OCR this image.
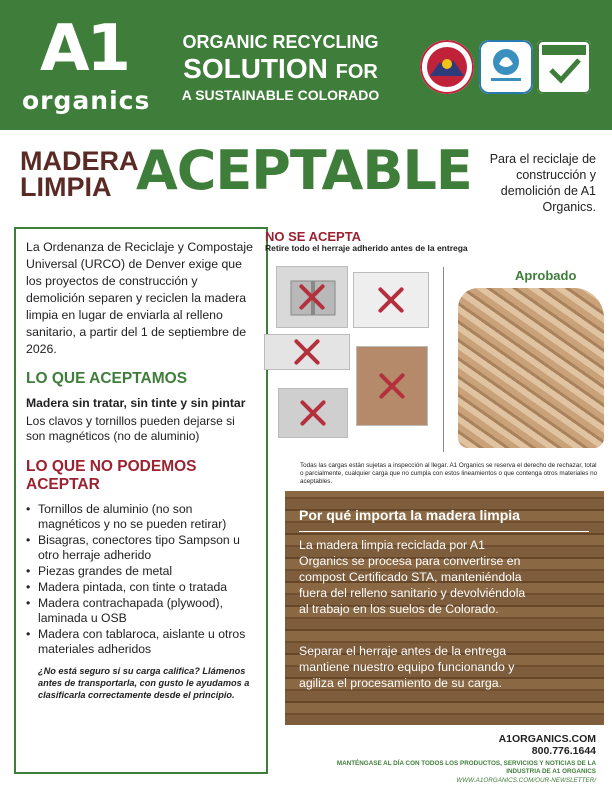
A1
organics
ORGANIC RECYCLING
SOLUTION FOR
A SUSTAINABLE COLORADO
MADERA
LIMPIA ACEPTABLE	Para el reciclaje de construcción y demolición de A1 Organics.

La Ordenanza de Reciclaje y Compostaje Universal (URCO) de Denver exige que los proyectos de construcción y demolición separen y reciclen la madera limpia en lugar de enviarla al relleno sanitario, a partir del 1 de septiembre de 2026.

LO QUE ACEPTAMOS
Madera sin tratar, sin tinte y sin pintar
Los clavos y tornillos pueden dejarse si son magnéticos (no de aluminio)
LO QUE NO PODEMOS ACEPTAR
• Tornillos de aluminio (no son magnéticos y no se pueden retirar)
• Bisagras, conectores tipo Sampson u otro herraje adherido
• Piezas grandes de metal
• Madera pintada, con tinte o tratada
• Madera contrachapada (plywood), laminada u OSB
• Madera con tablaroca, aislante u otros materiales adheridos

¿No está seguro si su carga califica? Llámenos antes de transportarla, con gusto le ayudamos a clasificarla correctamente desde el principio.

NO SE ACEPTA
Retire todo el herraje adherido antes de la entrega
Aprobado
Todas las cargas están sujetas a inspección al llegar. A1 Organics se reserva el derecho de rechazar, total o parcialmente, cualquier carga que no cumpla con estos lineamientos o que contenga otros materiales no aceptables.
Por qué importa la madera limpia
La madera limpia reciclada por A1 Organics se procesa para convertirse en compost Certificado STA, manteniéndola fuera del relleno sanitario y devolviéndola al trabajo en los suelos de Colorado.
Separar el herraje antes de la entrega mantiene nuestro equipo funcionando y agiliza el procesamiento de su carga.
A1ORGANICS.COM
800.776.1644
MANTÉNGASE AL DÍA CON TODOS LOS PRODUCTOS, SERVICIOS Y NOTICIAS DE LA INDUSTRIA DE A1 ORGANICS
WWW.A1ORGANICS.COM/OUR-NEWSLETTER/
